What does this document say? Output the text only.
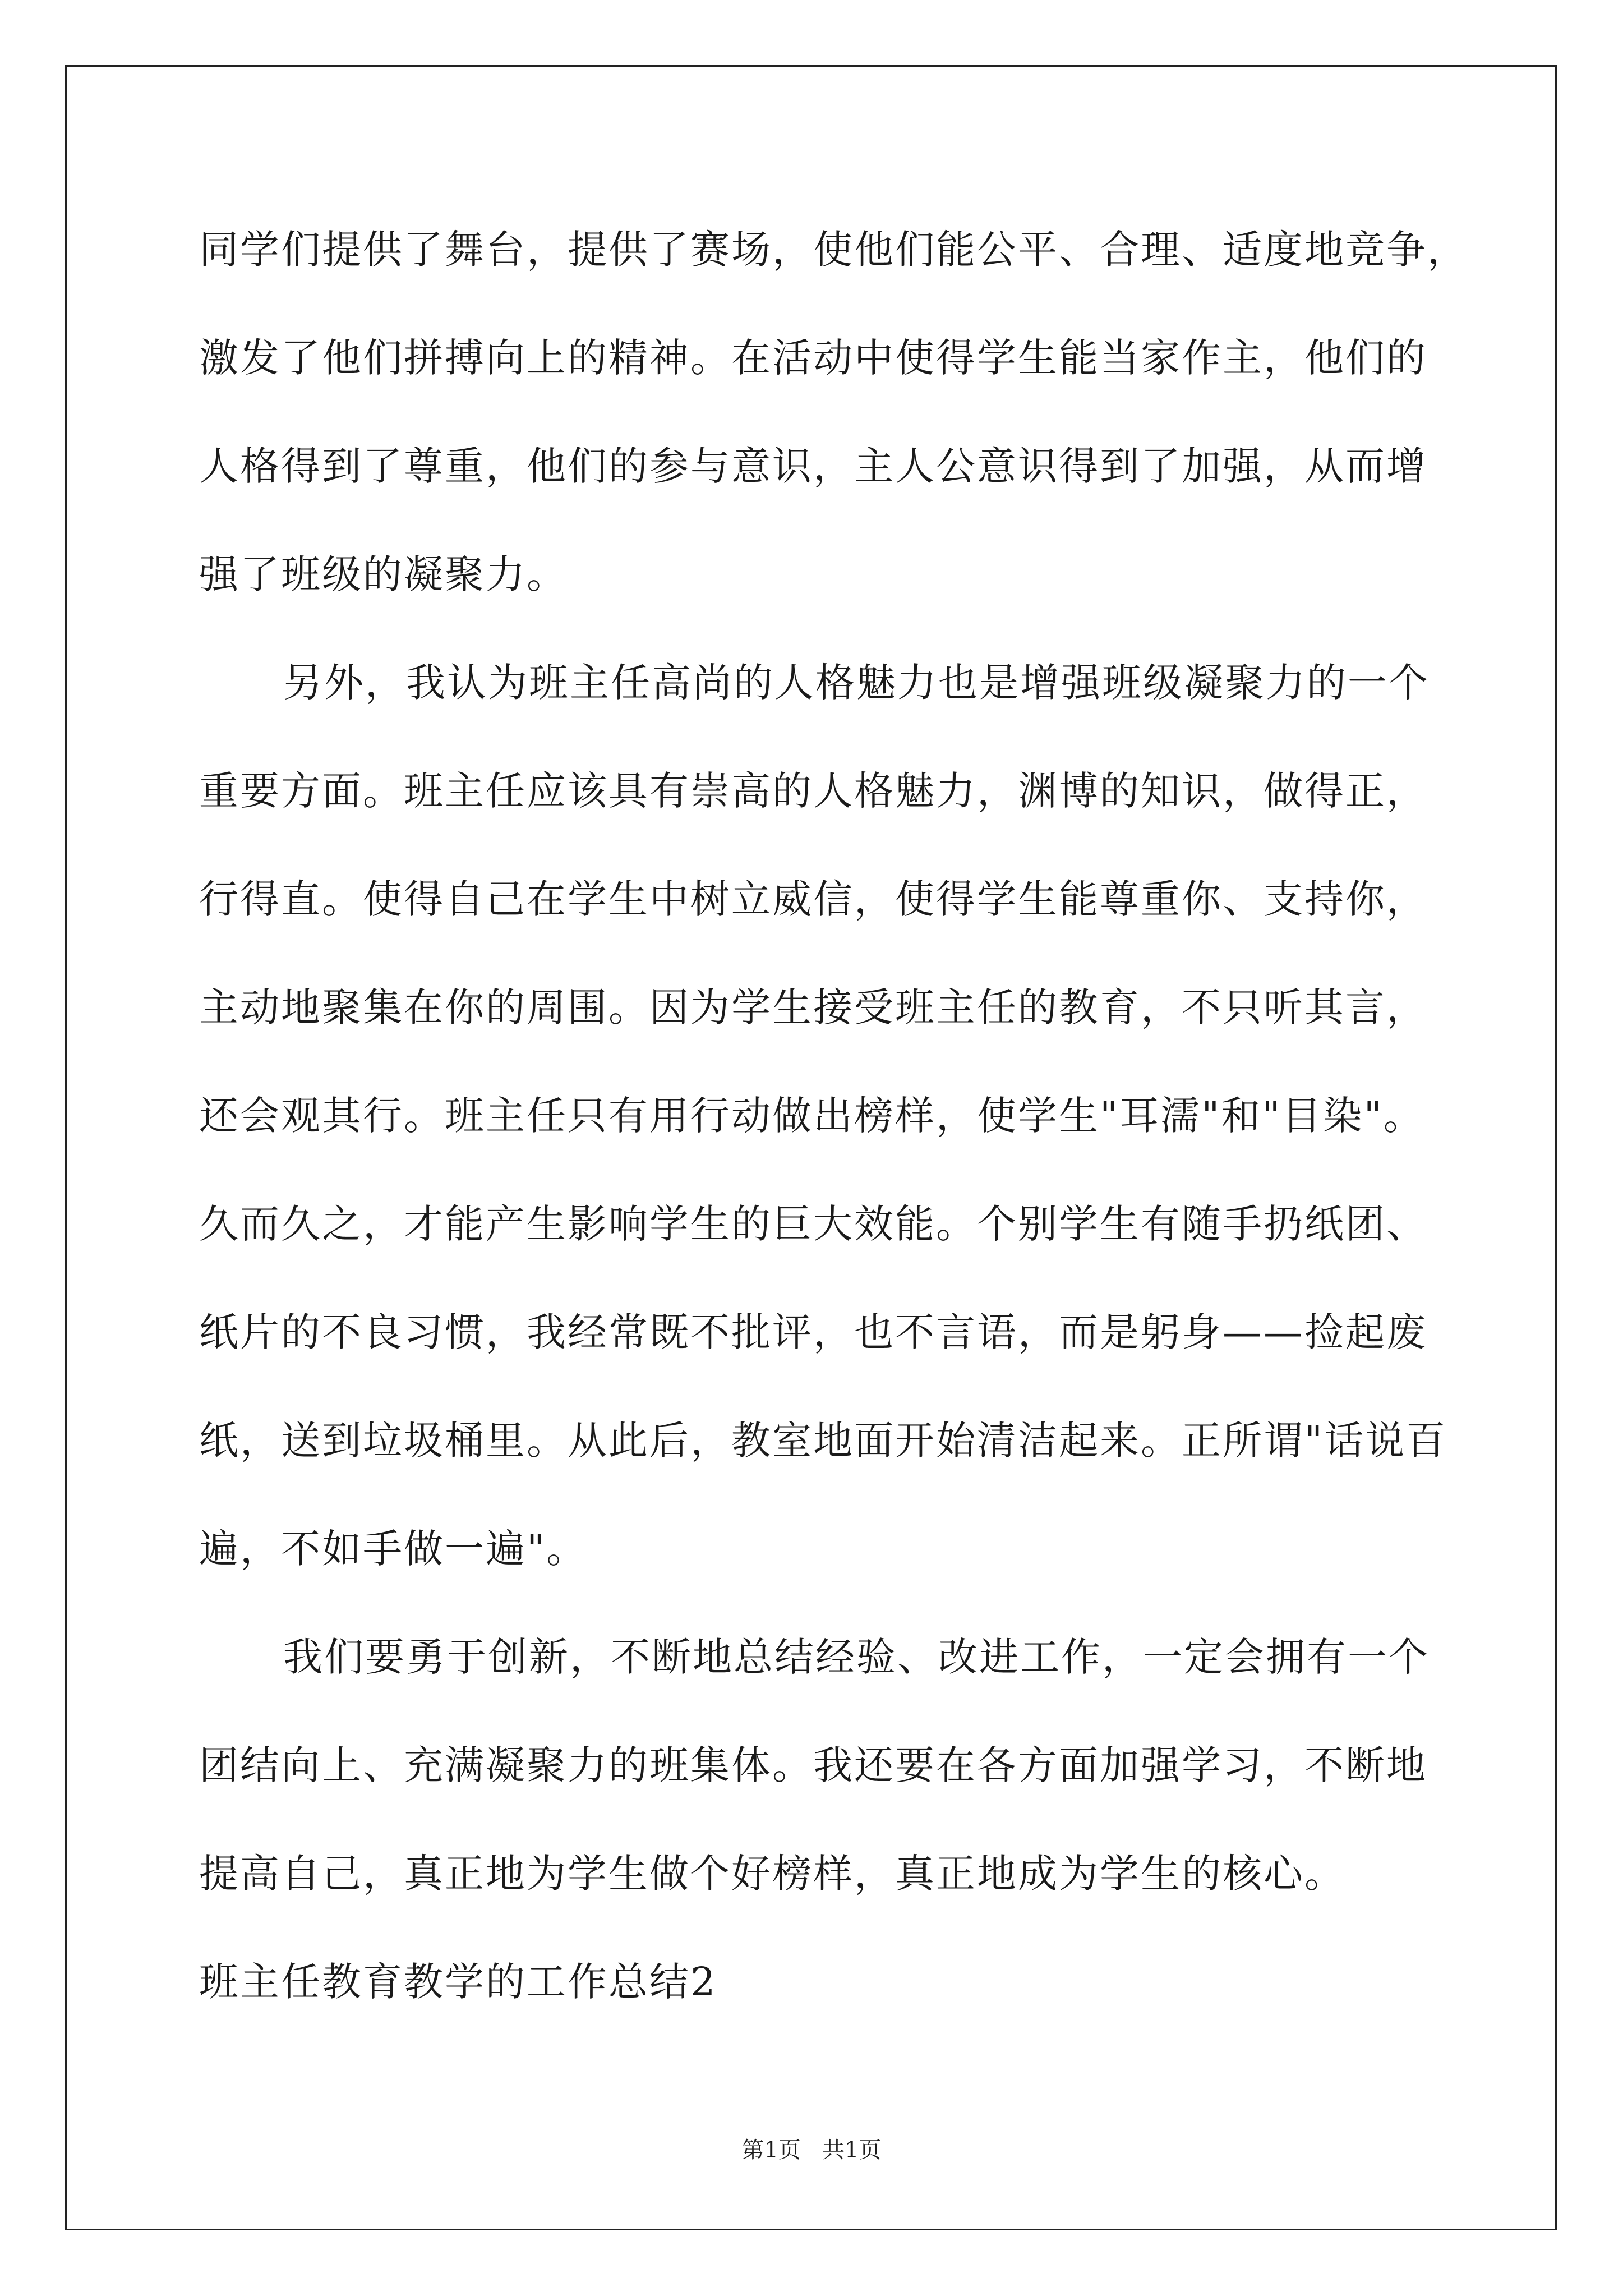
同学们提供了舞台，提供了赛场，使他们能公平、合理、适度地竞争，
激发了他们拼搏向上的精神。在活动中使得学生能当家作主，他们的
人格得到了尊重，他们的参与意识，主人公意识得到了加强，从而增
强了班级的凝聚力。
另外，我认为班主任高尚的人格魅力也是增强班级凝聚力的一个
重要方面。班主任应该具有崇高的人格魅力，渊博的知识，做得正，
行得直。使得自己在学生中树立威信，使得学生能尊重你、支持你，
主动地聚集在你的周围。因为学生接受班主任的教育，不只听其言，
还会观其行。班主任只有用行动做出榜样，使学生"耳濡"和"目染"。
久而久之，才能产生影响学生的巨大效能。个别学生有随手扔纸团、
纸片的不良习惯，我经常既不批评，也不言语，而是躬身——捡起废
纸，送到垃圾桶里。从此后，教室地面开始清洁起来。正所谓"话说百
遍，不如手做一遍"。
我们要勇于创新，不断地总结经验、改进工作，一定会拥有一个
团结向上、充满凝聚力的班集体。我还要在各方面加强学习，不断地
提高自己，真正地为学生做个好榜样，真正地成为学生的核心。
班主任教育教学的工作总结2
第1页   共1页
